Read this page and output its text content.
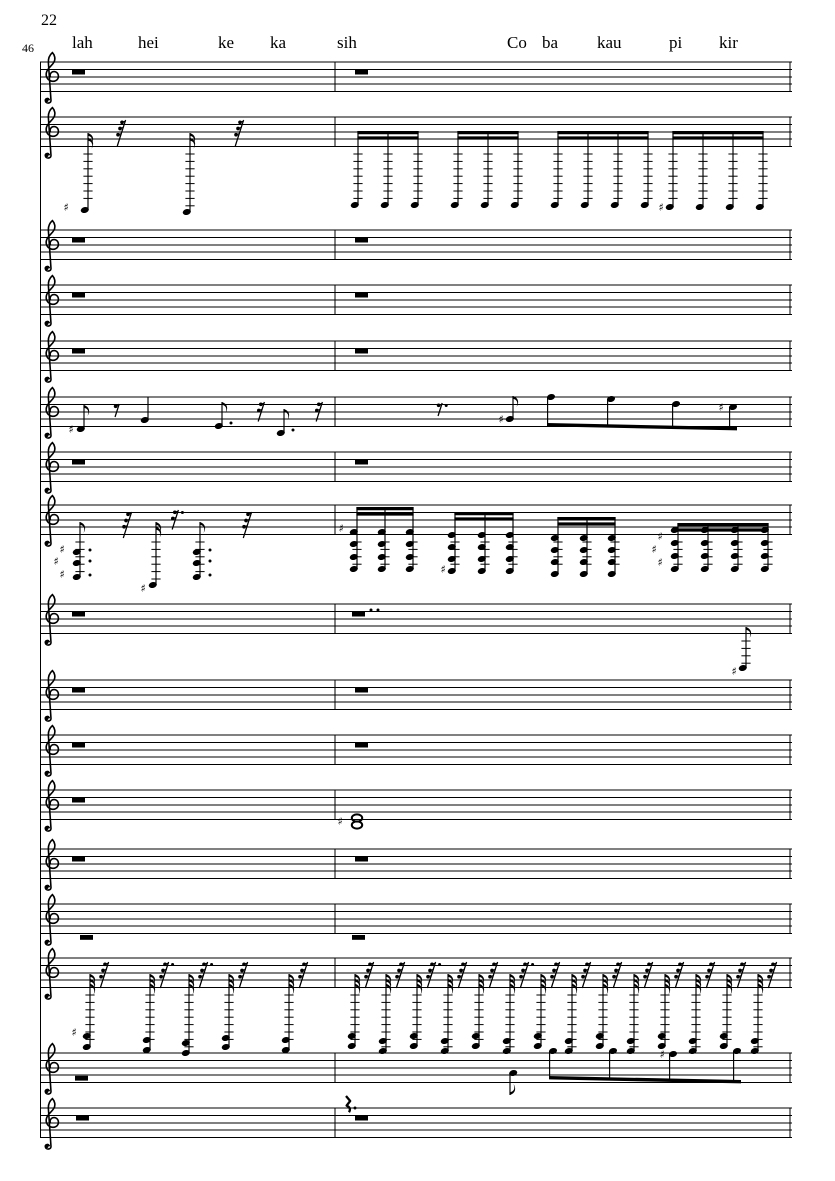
22
46 lah	hei	ke ka	sih	Co ba kau	pi kir
♯	♯
♯
♯
♯
♯
♯
♯
♯
♯
♯
♯
♯
♯
♯
♯
♯
♯
